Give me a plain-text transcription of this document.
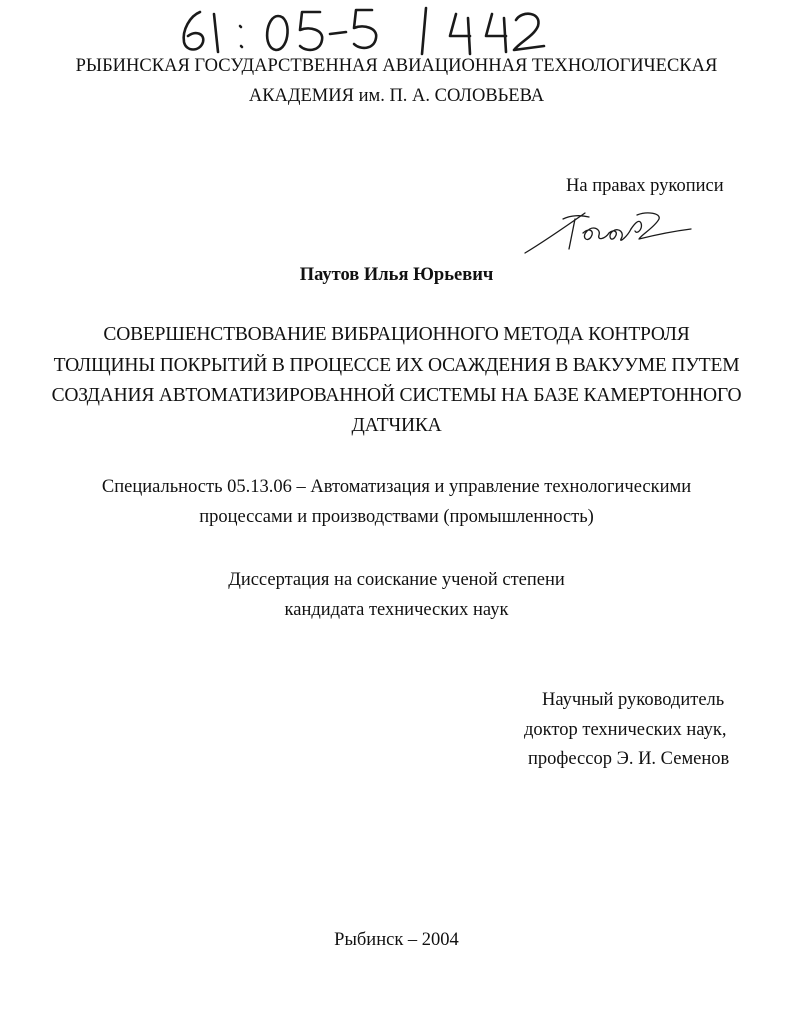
РЫБИНСКАЯ ГОСУДАРСТВЕННАЯ АВИАЦИОННАЯ ТЕХНОЛОГИЧЕСКАЯ
АКАДЕМИЯ им. П. А. СОЛОВЬЕВА
На правах рукописи
Паутов Илья Юрьевич
СОВЕРШЕНСТВОВАНИЕ ВИБРАЦИОННОГО МЕТОДА КОНТРОЛЯ
ТОЛЩИНЫ ПОКРЫТИЙ В ПРОЦЕССЕ ИХ ОСАЖДЕНИЯ В ВАКУУМЕ ПУТЕМ
СОЗДАНИЯ АВТОМАТИЗИРОВАННОЙ СИСТЕМЫ НА БАЗЕ КАМЕРТОННОГО
ДАТЧИКА
Специальность 05.13.06 – Автоматизация и управление технологическими
процессами и производствами (промышленность)
Диссертация на соискание ученой степени
кандидата технических наук
Научный руководитель
доктор технических наук,
профессор Э. И. Семенов
Рыбинск – 2004
